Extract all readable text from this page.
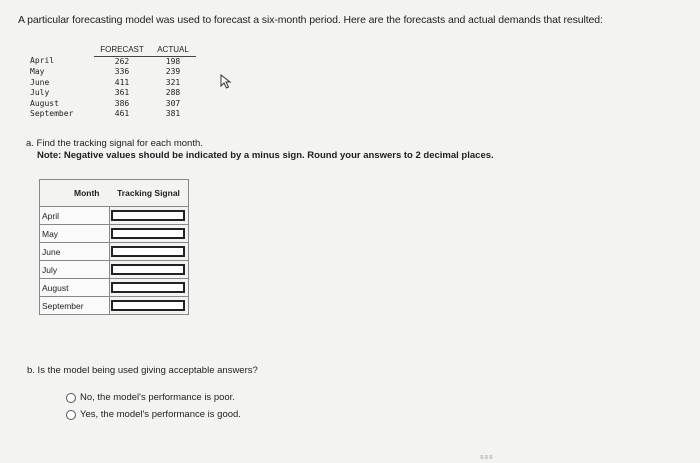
A particular forecasting model was used to forecast a six-month period. Here are the forecasts and actual demands that resulted:
	FORECAST	ACTUAL
April	262	198
May	336	239
June	411	321
July	361	288
August	386	307
September	461	381
a. Find the tracking signal for each month.
Note: Negative values should be indicated by a minus sign. Round your answers to 2 decimal places.
Month	Tracking Signal
April	

May	

June	

July	

August	

September	
b. Is the model being used giving acceptable answers?
No, the model's performance is poor.
Yes, the model's performance is good.
≡≡≡
